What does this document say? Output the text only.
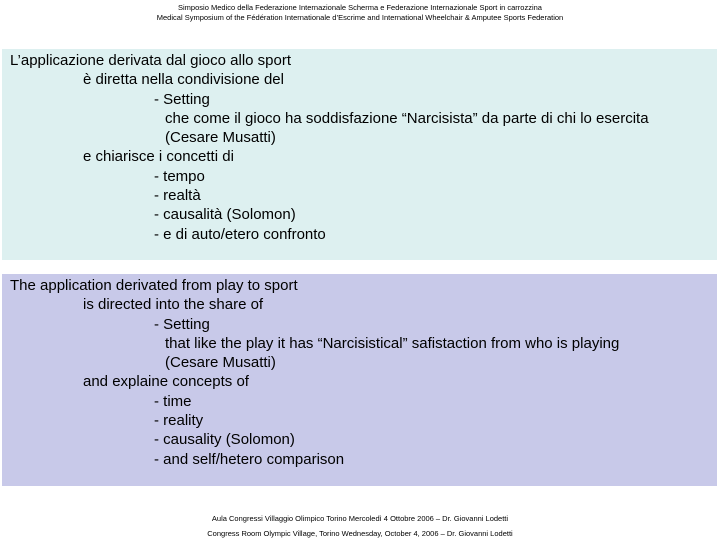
Simposio Medico della Federazione Internazionale Scherma e Federazione Internazionale Sport in carrozzina
Medical Symposium of the Fédération Internationale d’Escrime and International Wheelchair & Amputee Sports Federation
L’applicazione derivata dal gioco allo sport
è diretta nella condivisione del
- Setting
che come il gioco ha soddisfazione “Narcisista” da parte di chi lo esercita
(Cesare Musatti)
e chiarisce i concetti di
- tempo
- realtà
- causalità (Solomon)
- e di auto/etero confronto
The application derivated from play to sport
is directed into the share of
- Setting
that like the play it has “Narcisistical” safistaction from who is playing
(Cesare Musatti)
and explaine concepts of
- time
- reality
- causality (Solomon)
- and self/hetero comparison
Aula Congressi Villaggio Olimpico Torino Mercoledì 4 Ottobre 2006 – Dr. Giovanni Lodetti
Congress Room Olympic Village, Torino Wednesday, October 4, 2006 – Dr. Giovanni Lodetti
